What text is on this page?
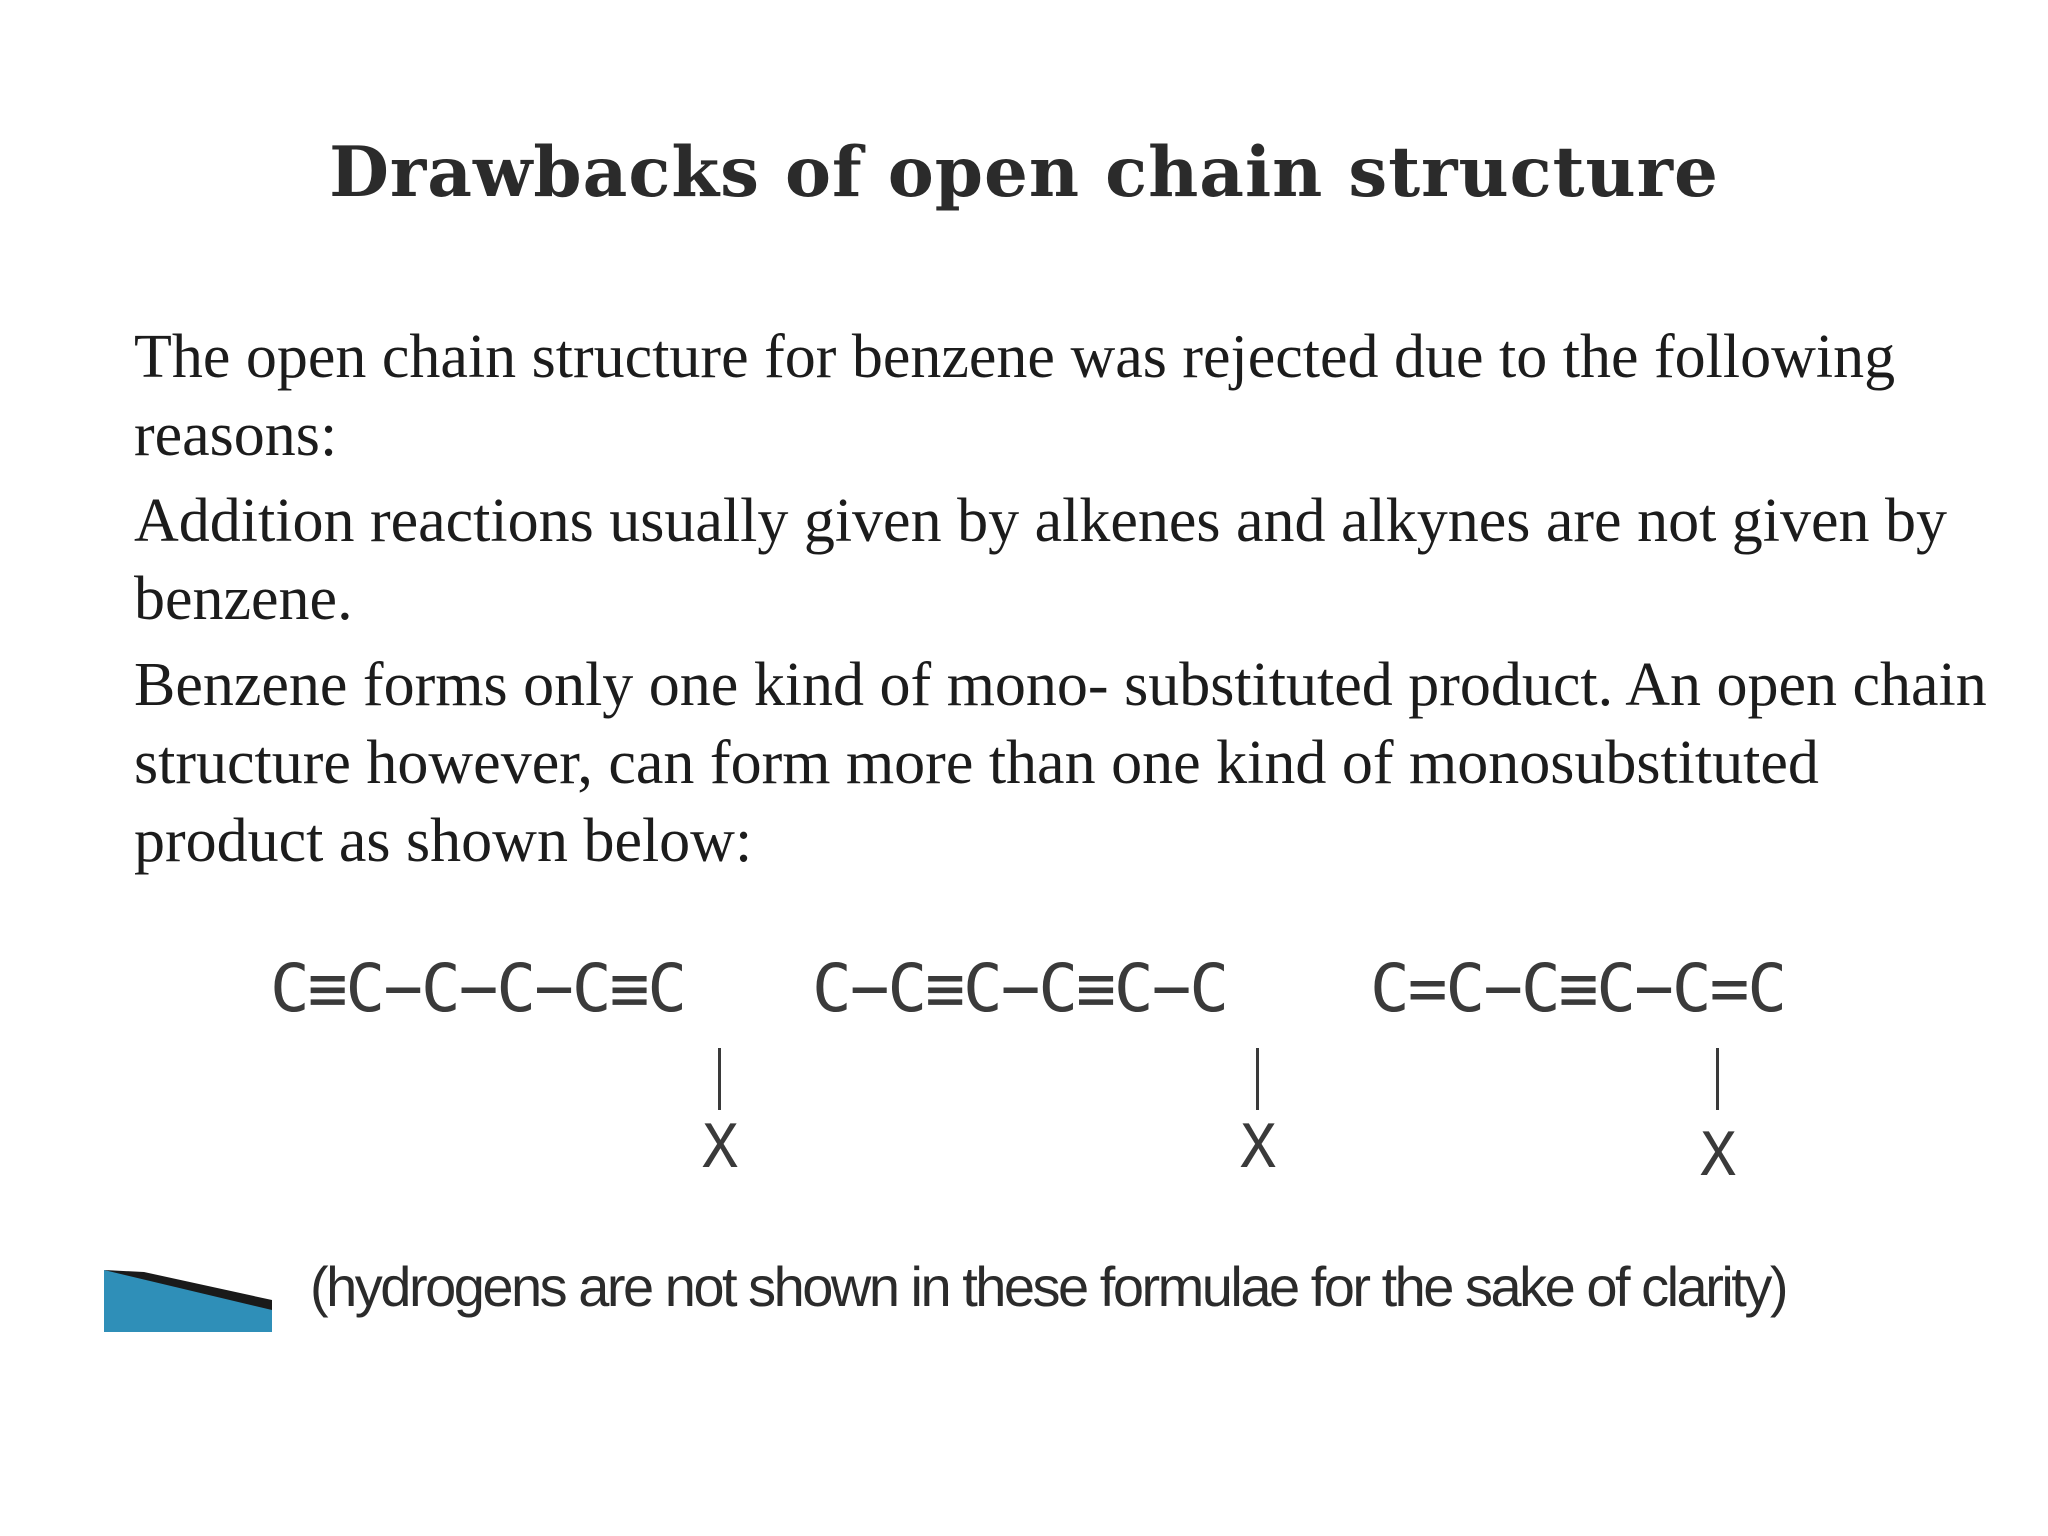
Drawbacks of open chain structure

The open chain structure for benzene was rejected due to the following reasons:

Addition reactions usually given by alkenes and alkynes are not given by benzene.

Benzene forms only one kind of mono- substituted product. An open chain structure however, can form more than one kind of monosubstituted product as shown below:

C≡C−C−C−C≡C
X
C−C≡C−C≡C−C
X
C=C−C≡C−C=C
X
(hydrogens are not shown in these formulae for the sake of clarity)
